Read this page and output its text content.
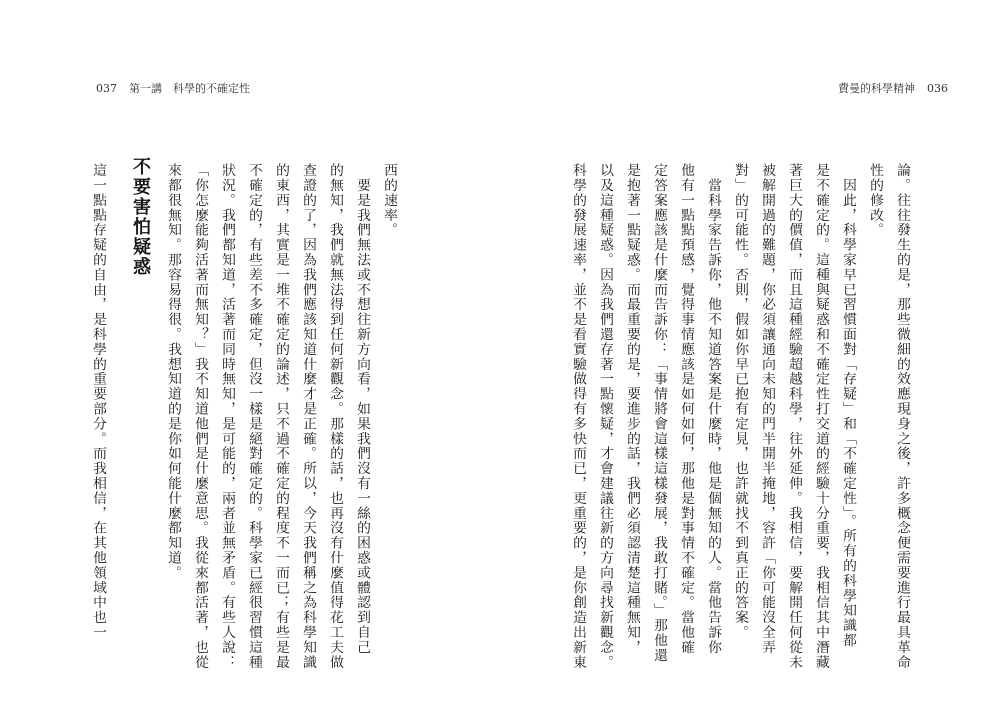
037 第一講　科學的不確定性	費曼的科學精神 036
論。往往發生的是，那些微細的效應現身之後，許多概念便需要進行最具革命
性的修改。
　因此，科學家早已習慣面對「存疑」和「不確定性」。所有的科學知識都
是不確定的。這種與疑惑和不確定性打交道的經驗十分重要，我相信其中潛藏
著巨大的價值，而且這種經驗超越科學，往外延伸。我相信，要解開任何從未
被解開過的難題，你必須讓通向未知的門半開半掩地，容許「你可能沒全弄
對」的可能性。否則，假如你早已抱有定見，也許就找不到真正的答案。
　當科學家告訴你，他不知道答案是什麼時，他是個無知的人。當他告訴你
他有一點點預感，覺得事情應該是如何如何，那他是對事情不確定。當他確
定答案應該是什麼而告訴你：「事情將會這樣這樣發展，我敢打賭。」那他還
是抱著一點疑惑。而最重要的是，要進步的話，我們必須認清楚這種無知，
以及這種疑惑。因為我們還存著一點懷疑，才會建議往新的方向尋找新觀念。
科學的發展速率，並不是看實驗做得有多快而已，更重要的，是你創造出新東
西的速率。
　要是我們無法或不想往新方向看，如果我們沒有一絲的困惑或體認到自己
的無知，我們就無法得到任何新觀念。那樣的話，也再沒有什麼值得花工夫做
查證的了，因為我們應該知道什麼才是正確。所以，今天我們稱之為科學知識
的東西，其實是一堆不確定的論述，只不過不確定的程度不一而已；有些是最
不確定的，有些差不多確定，但沒一樣是絕對確定的。科學家已經很習慣這種
狀況。我們都知道，活著而同時無知，是可能的，兩者並無矛盾。有些人說：
「你怎麼能夠活著而無知？」我不知道他們是什麼意思。我從來都活著，也從
來都很無知。那容易得很。我想知道的是你如何能什麼都知道。
不要害怕疑惑
這一點點存疑的自由，是科學的重要部分。而我相信，在其他領域中也一
